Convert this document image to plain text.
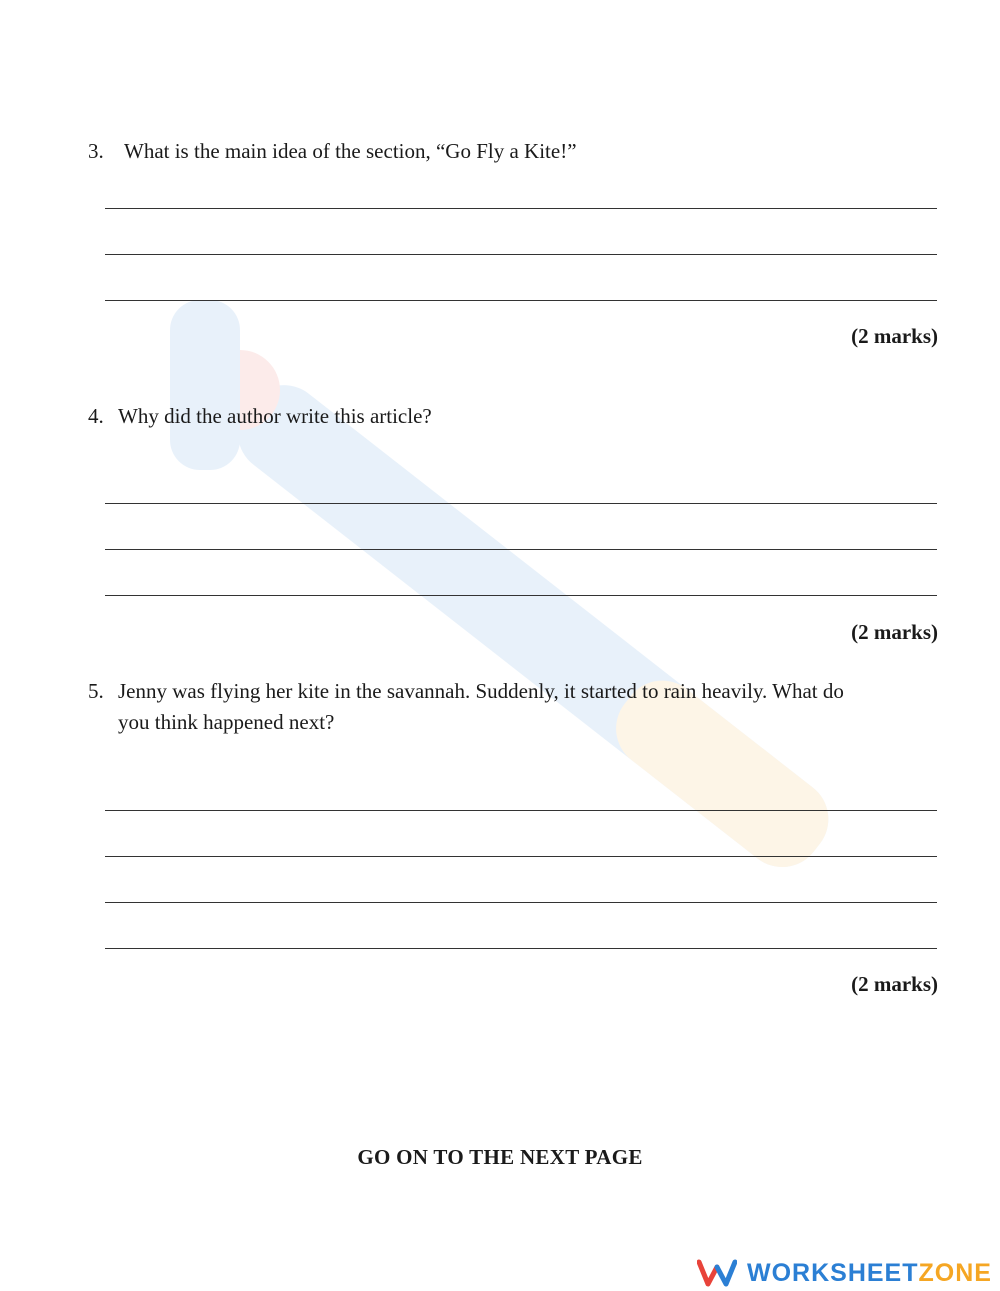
3. What is the main idea of the section, “Go Fly a Kite!”
(2 marks)
4. Why did the author write this article?
(2 marks)
5. Jenny was flying her kite in the savannah. Suddenly, it started to rain heavily. What do
you think happened next?
(2 marks)
GO ON TO THE NEXT PAGE
WORKSHEETZONE
